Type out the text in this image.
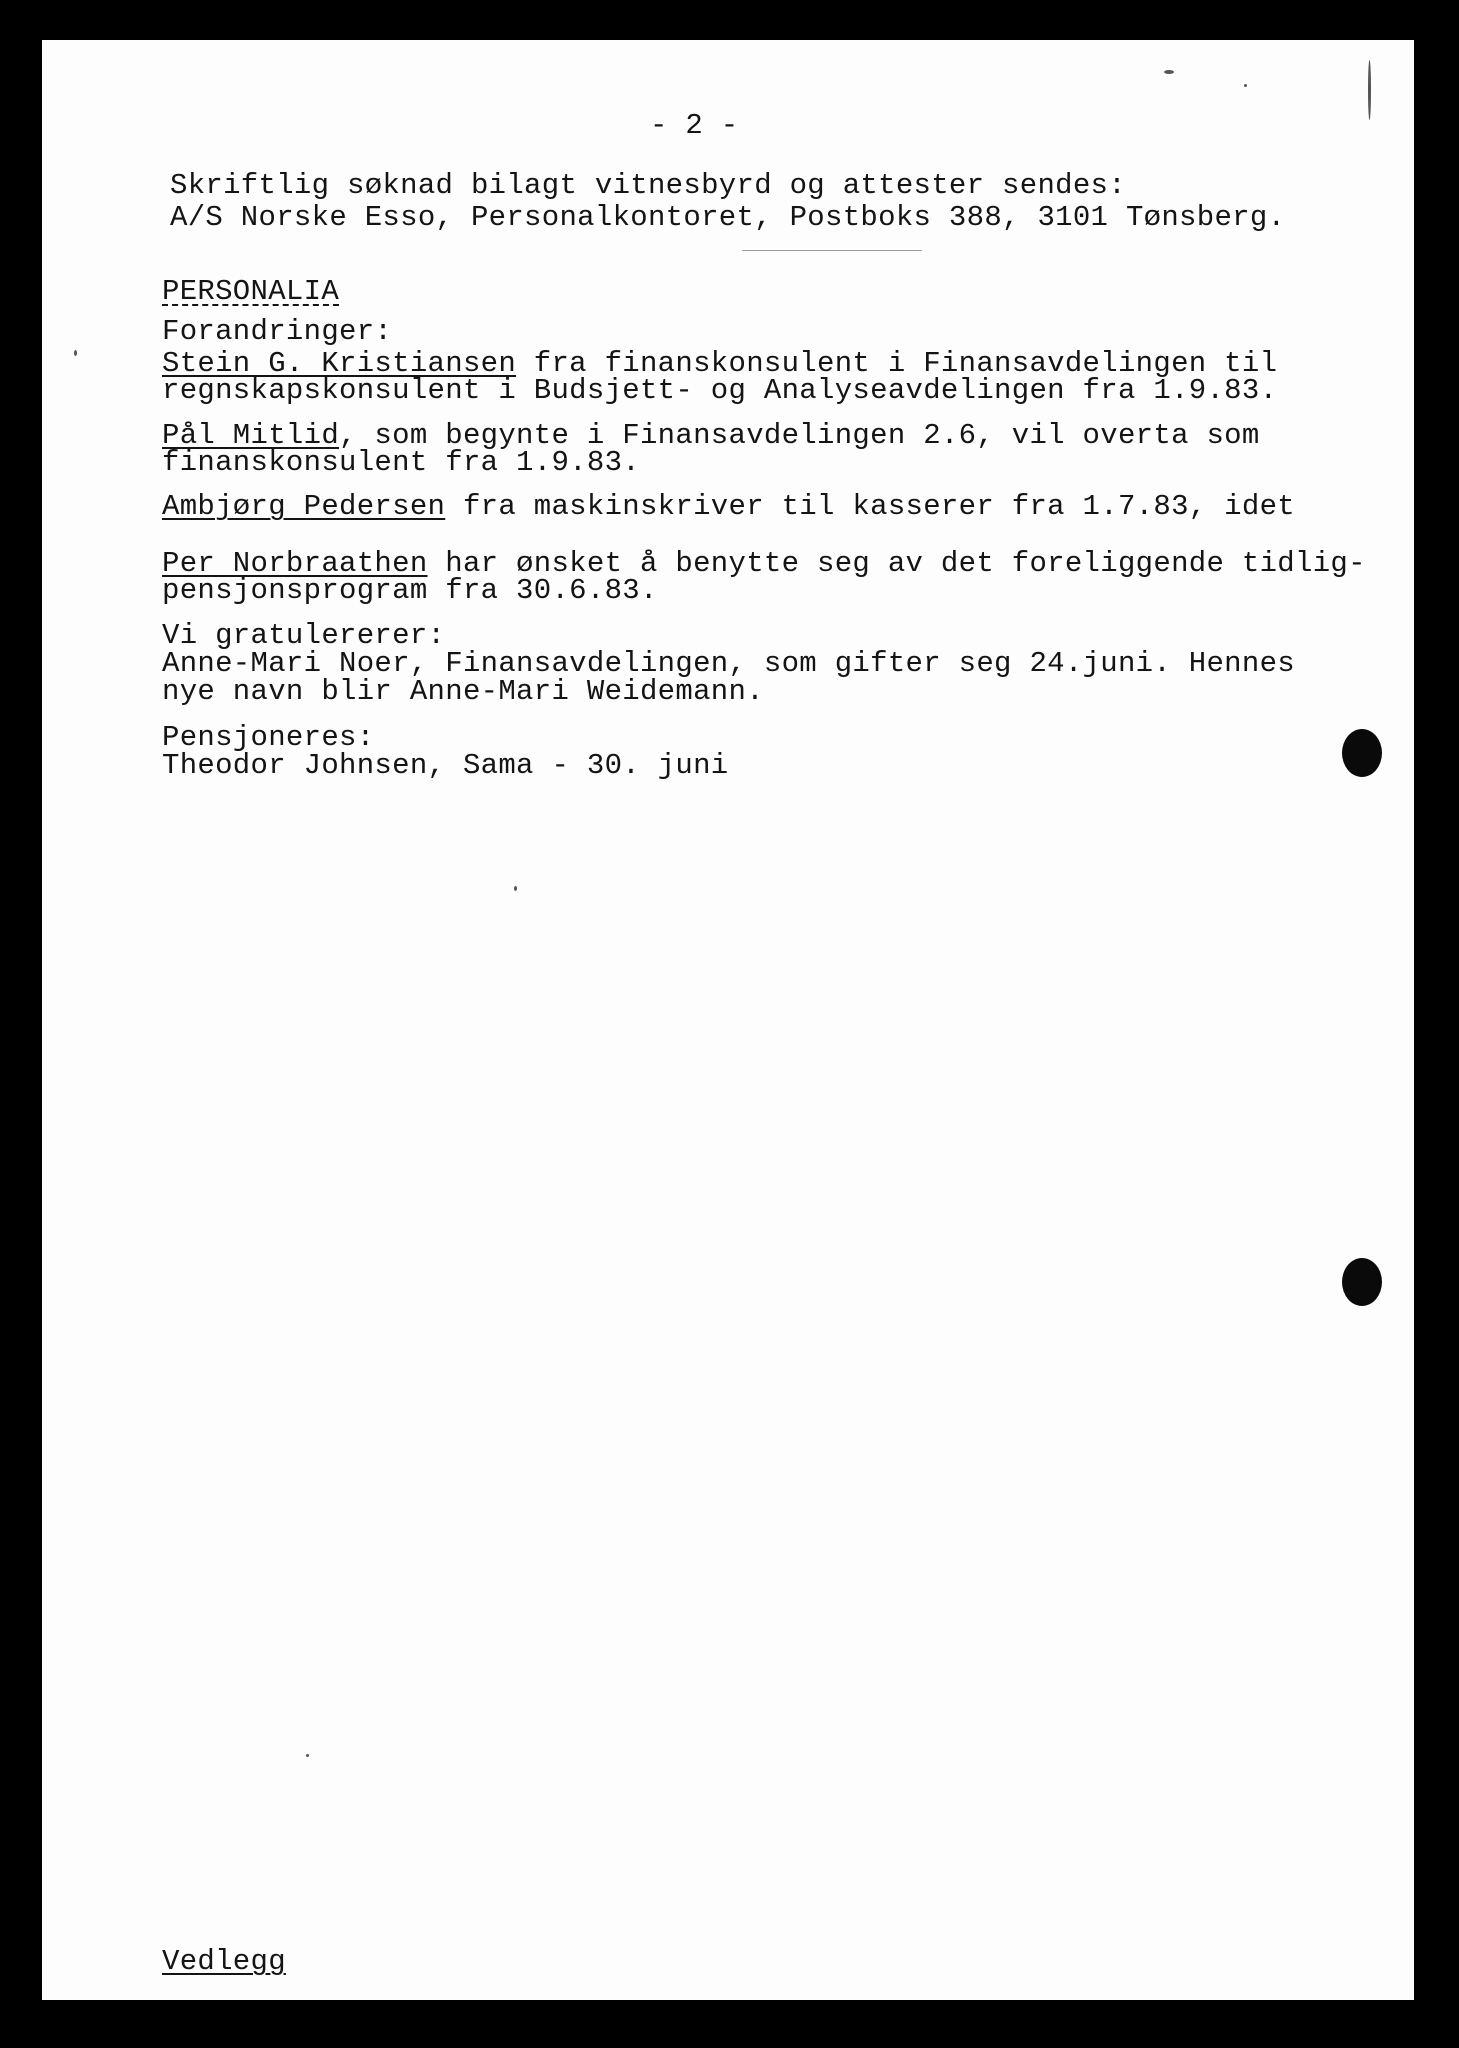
- 2 -
Skriftlig søknad bilagt vitnesbyrd og attester sendes:
A/S Norske Esso, Personalkontoret, Postboks 388, 3101 Tønsberg.
PERSONALIA
Forandringer:
Stein G. Kristiansen fra finanskonsulent i Finansavdelingen til
regnskapskonsulent i Budsjett- og Analyseavdelingen fra 1.9.83.
Pål Mitlid, som begynte i Finansavdelingen 2.6, vil overta som
finanskonsulent fra 1.9.83.
Ambjørg Pedersen fra maskinskriver til kasserer fra 1.7.83, idet
Per Norbraathen har ønsket å benytte seg av det foreliggende tidlig-
pensjonsprogram fra 30.6.83.
Vi gratulererer:
Anne-Mari Noer, Finansavdelingen, som gifter seg 24.juni. Hennes
nye navn blir Anne-Mari Weidemann.
Pensjoneres:
Theodor Johnsen, Sama - 30. juni
Vedlegg
